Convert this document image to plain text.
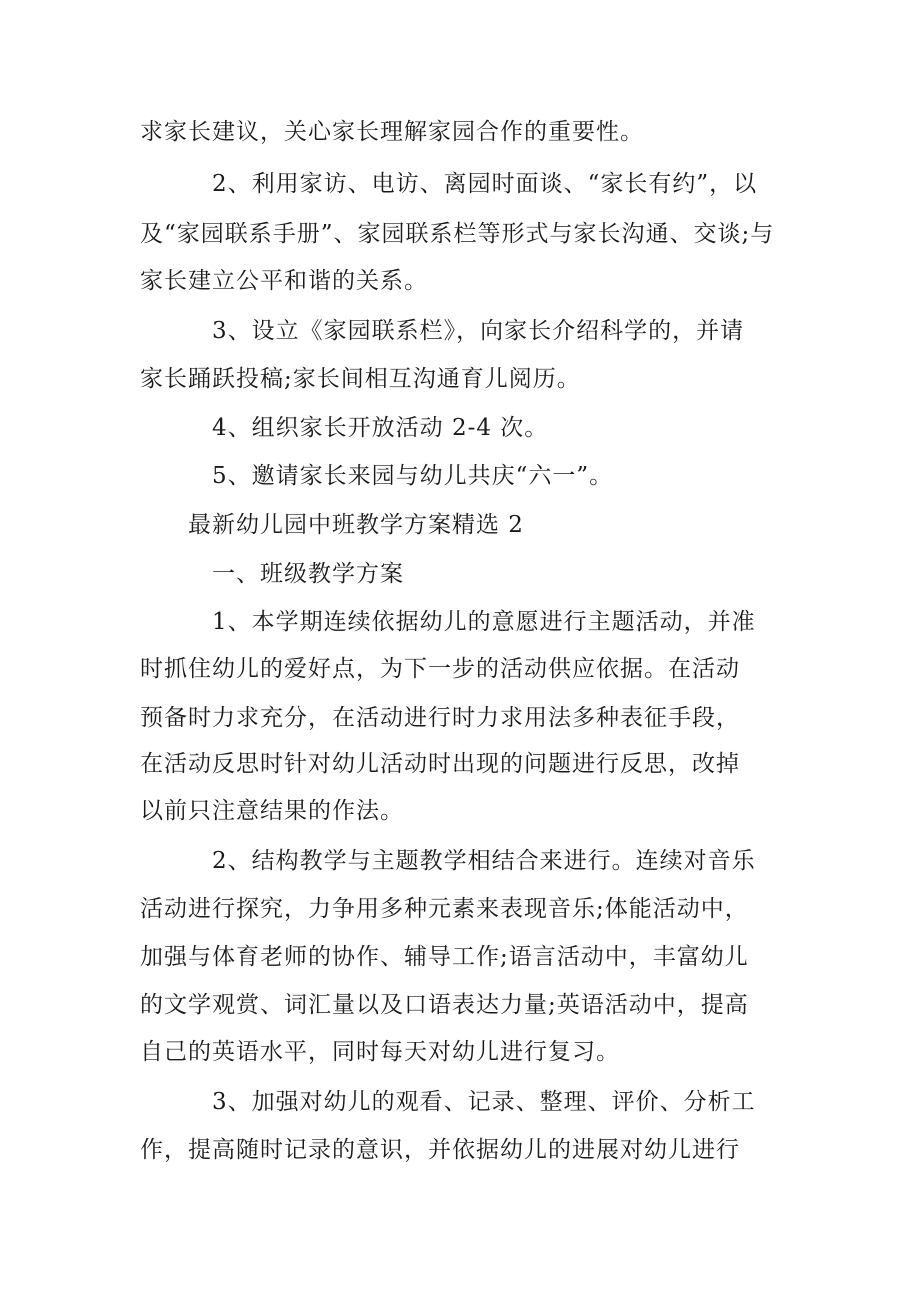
求家长建议，关心家长理解家园合作的重要性。
2、利用家访、电访、离园时面谈、“家长有约”，以
及“家园联系手册”、家园联系栏等形式与家长沟通、交谈;与
家长建立公平和谐的关系。
3、设立《家园联系栏》，向家长介绍科学的，并请
家长踊跃投稿;家长间相互沟通育儿阅历。
4、组织家长开放活动 2-4 次。
5、邀请家长来园与幼儿共庆“六一”。
最新幼儿园中班教学方案精选 2
一、班级教学方案
1、本学期连续依据幼儿的意愿进行主题活动，并准
时抓住幼儿的爱好点，为下一步的活动供应依据。在活动
预备时力求充分，在活动进行时力求用法多种表征手段，
在活动反思时针对幼儿活动时出现的问题进行反思，改掉
以前只注意结果的作法。
2、结构教学与主题教学相结合来进行。连续对音乐
活动进行探究，力争用多种元素来表现音乐;体能活动中，
加强与体育老师的协作、辅导工作;语言活动中，丰富幼儿
的文学观赏、词汇量以及口语表达力量;英语活动中，提高
自己的英语水平，同时每天对幼儿进行复习。
3、加强对幼儿的观看、记录、整理、评价、分析工
作，提高随时记录的意识，并依据幼儿的进展对幼儿进行
